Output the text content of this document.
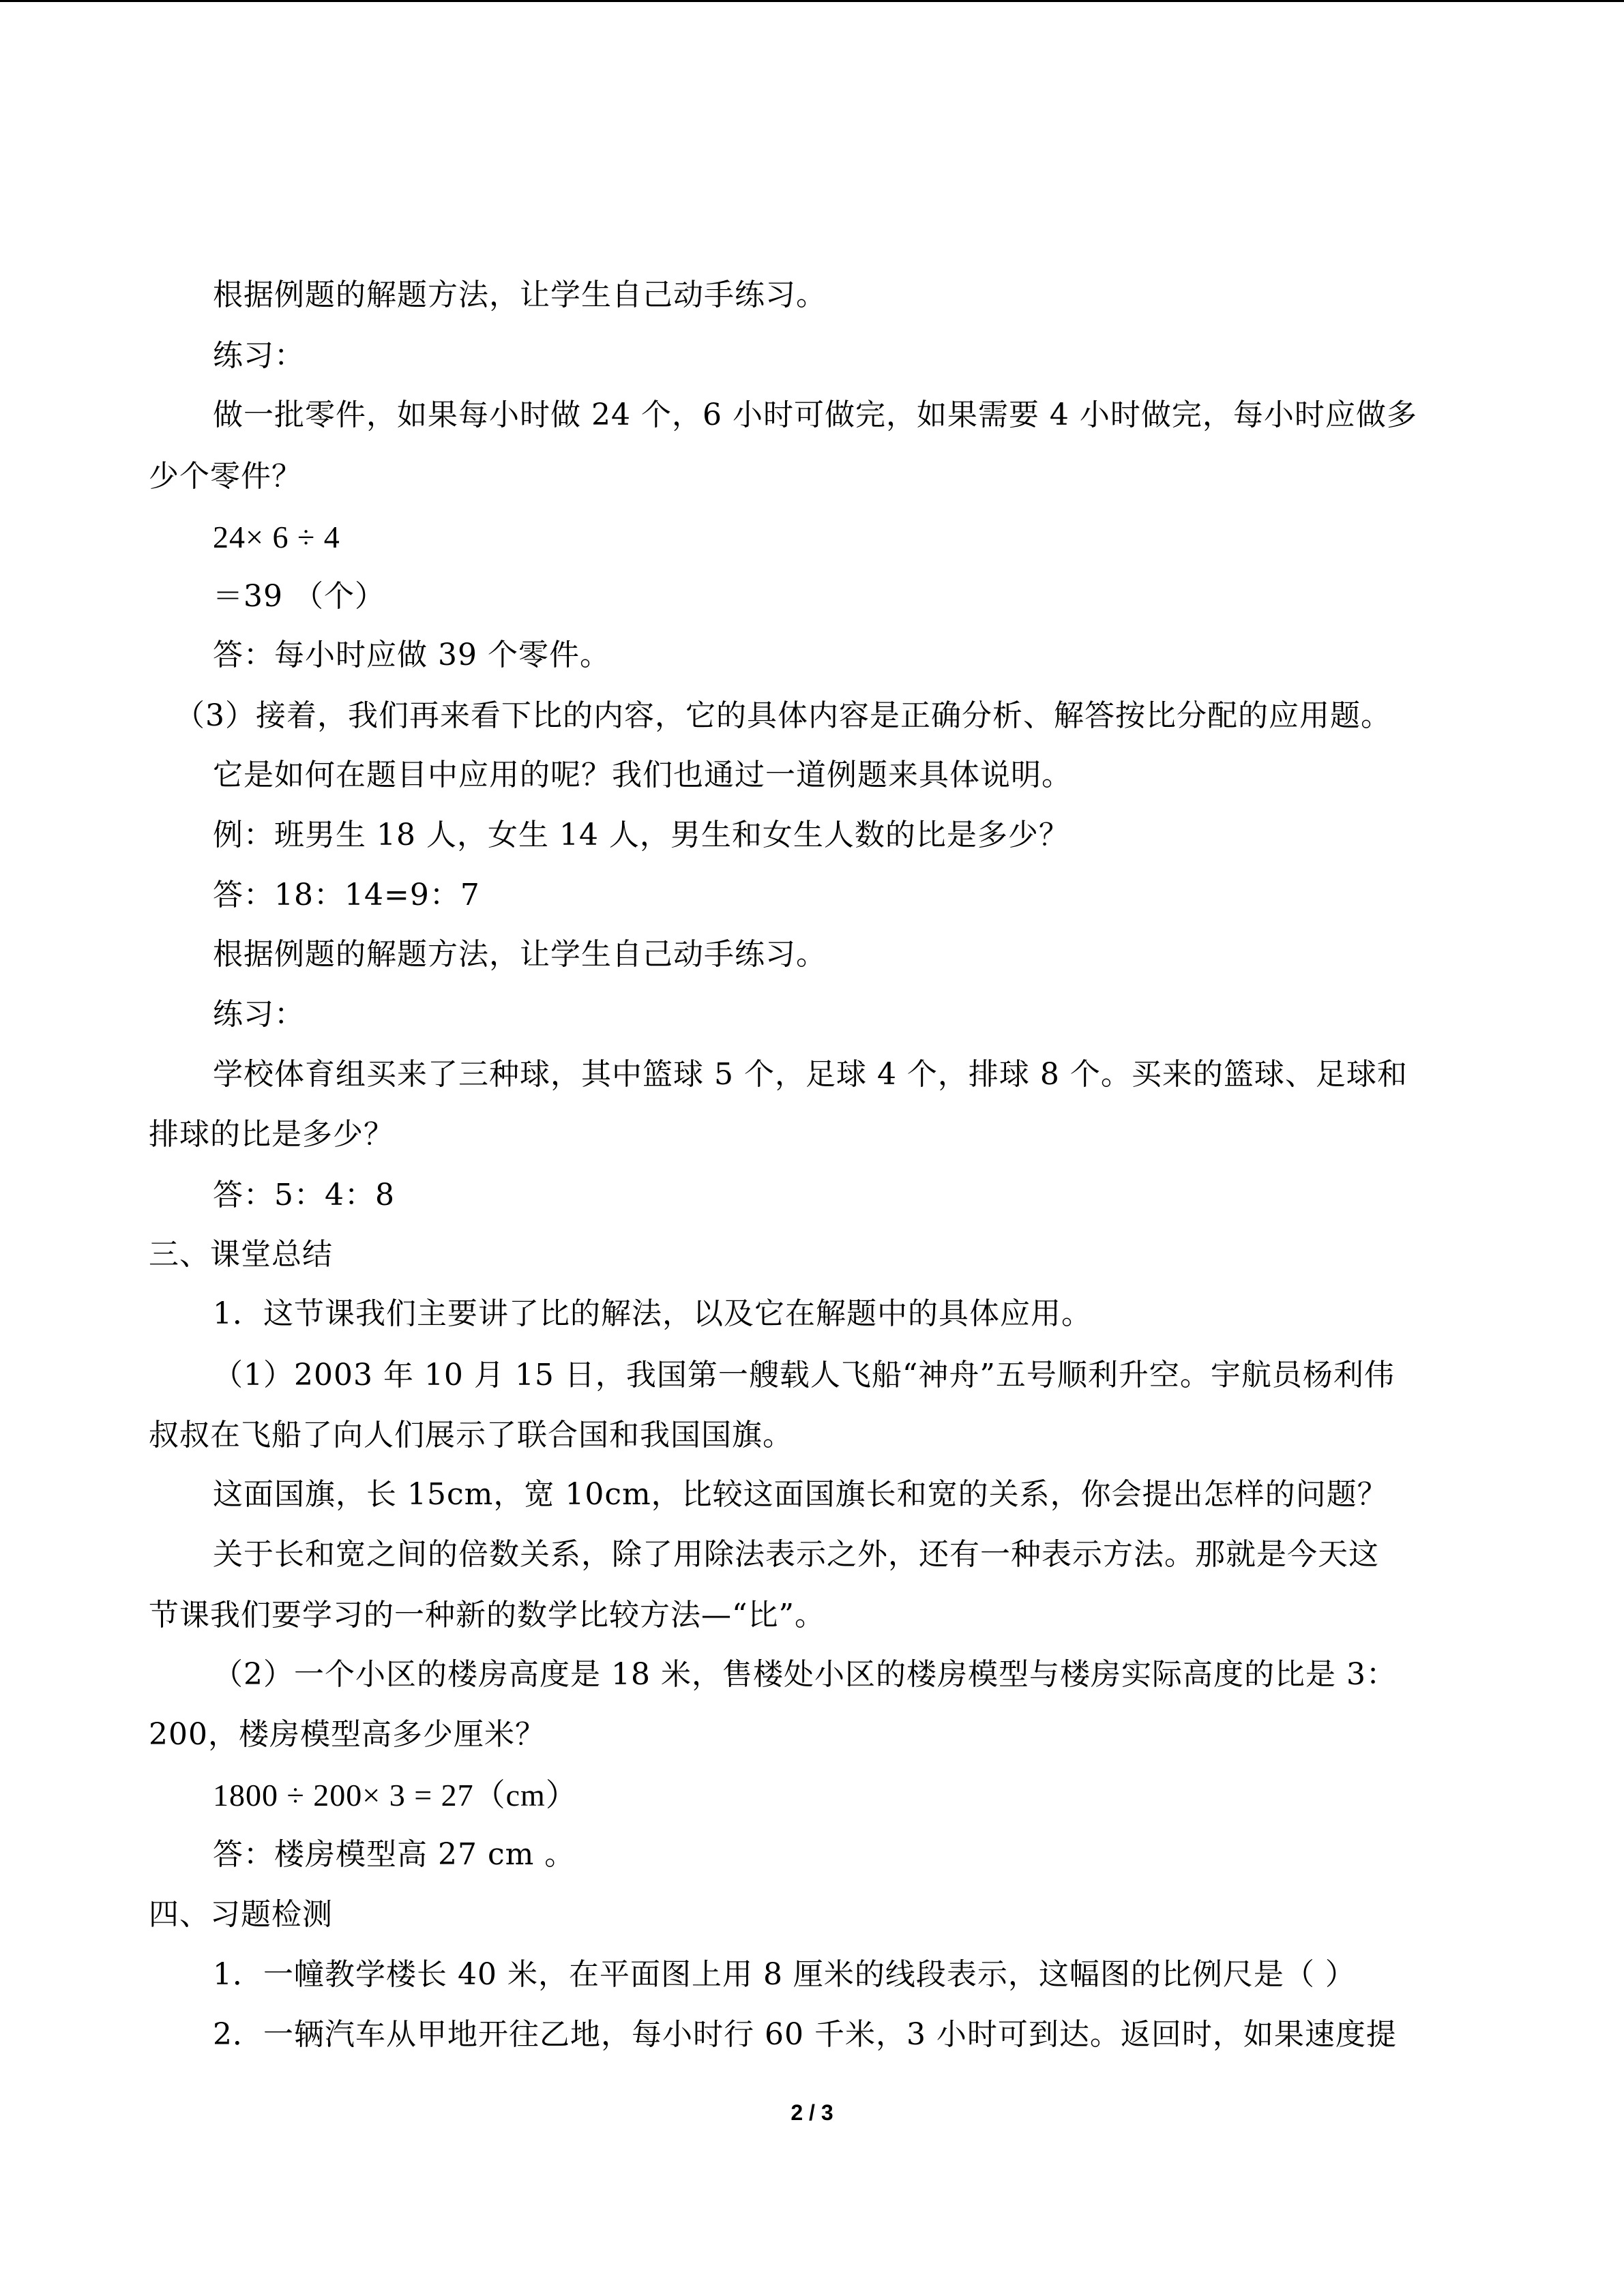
根据例题的解题方法，让学生自己动手练习。
练习：
做一批零件，如果每小时做 24 个，6 小时可做完，如果需要 4 小时做完，每小时应做多
少个零件？
24× 6 ÷ 4
＝39 （个）
答：每小时应做 39 个零件。
（3）接着，我们再来看下比的内容，它的具体内容是正确分析、解答按比分配的应用题。
它是如何在题目中应用的呢？我们也通过一道例题来具体说明。
例：班男生 18 人，女生 14 人，男生和女生人数的比是多少？
答：18：14=9：7
根据例题的解题方法，让学生自己动手练习。
练习：
学校体育组买来了三种球，其中篮球 5 个，足球 4 个，排球 8 个。买来的篮球、足球和
排球的比是多少？
答：5：4：8
三、课堂总结
1．这节课我们主要讲了比的解法，以及它在解题中的具体应用。
（1）2003 年 10 月 15 日，我国第一艘载人飞船“神舟”五号顺利升空。宇航员杨利伟
叔叔在飞船了向人们展示了联合国和我国国旗。
这面国旗，长 15cm，宽 10cm，比较这面国旗长和宽的关系，你会提出怎样的问题？
关于长和宽之间的倍数关系，除了用除法表示之外，还有一种表示方法。那就是今天这
节课我们要学习的一种新的数学比较方法—“比”。
（2）一个小区的楼房高度是 18 米，售楼处小区的楼房模型与楼房实际高度的比是 3：
200，楼房模型高多少厘米？
1800 ÷ 200× 3 = 27（cm）
答：楼房模型高 27 cm 。
四、习题检测
1．一幢教学楼长 40 米，在平面图上用 8 厘米的线段表示，这幅图的比例尺是（ ）
2．一辆汽车从甲地开往乙地，每小时行 60 千米，3 小时可到达。返回时，如果速度提
2 / 3
